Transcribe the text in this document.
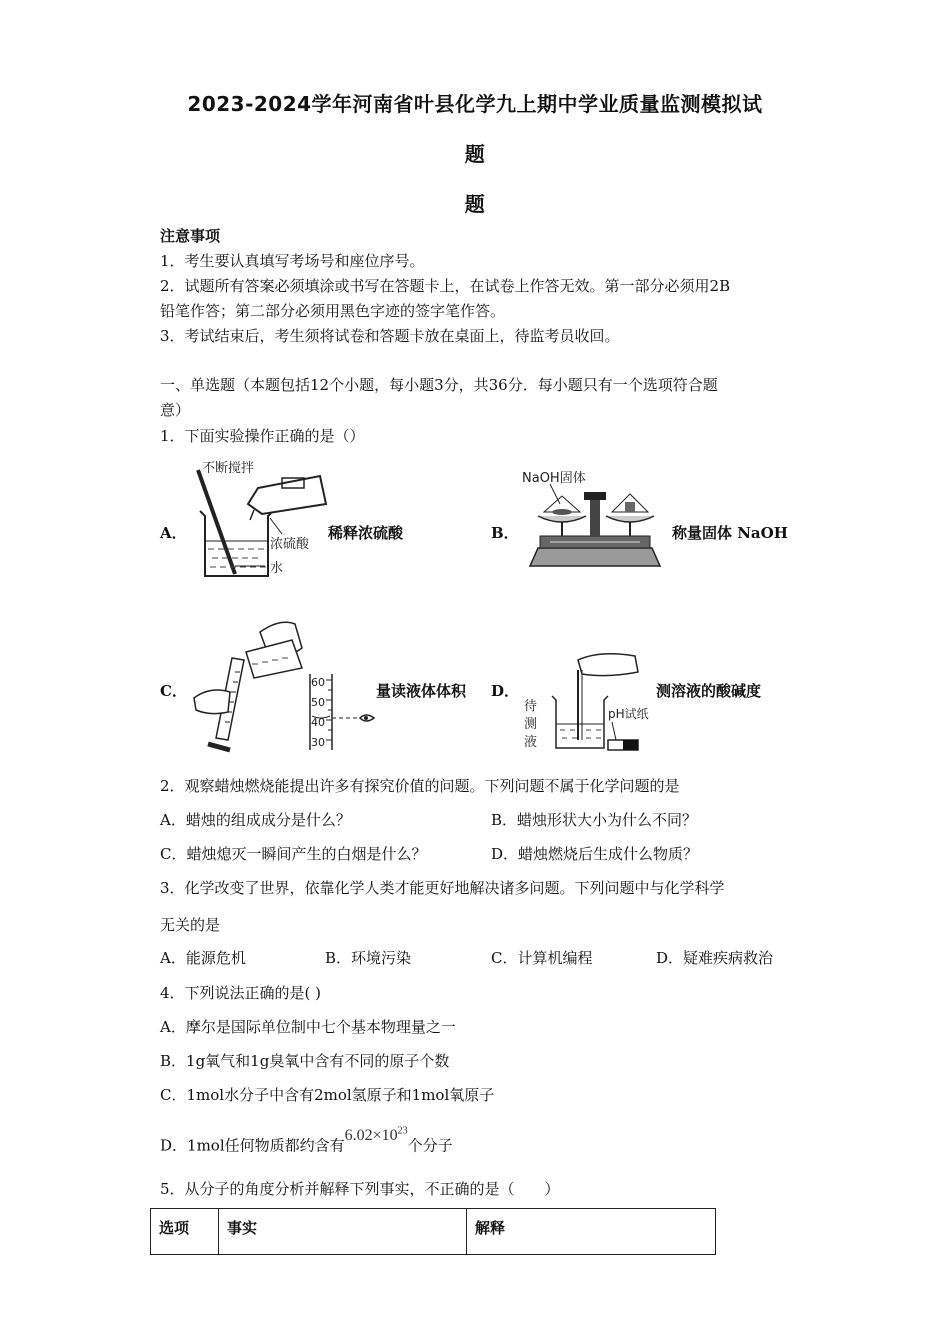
2023-2024学年河南省叶县化学九上期中学业质量监测模拟试
题
题
注意事项
1．考生要认真填写考场号和座位序号。
2．试题所有答案必须填涂或书写在答题卡上，在试卷上作答无效。第一部分必须用2B
铅笔作答；第二部分必须用黑色字迹的签字笔作答。
3．考试结束后，考生须将试卷和答题卡放在桌面上，待监考员收回。
一、单选题（本题包括12个小题，每小题3分，共36分．每小题只有一个选项符合题
意）
1．下面实验操作正确的是（）
A．
不断搅拌
浓硫酸
水
稀释浓硫酸	B．
NaOH固体
称量固体 NaOH
C．	60
50
40
30
量读液体体积 D．
待
测
液
pH试纸
测溶液的酸碱度
2．观察蜡烛燃烧能提出许多有探究价值的问题。下列问题不属于化学问题的是
A．蜡烛的组成成分是什么？	B．蜡烛形状大小为什么不同？
C．蜡烛熄灭一瞬间产生的白烟是什么？	D．蜡烛燃烧后生成什么物质？
3．化学改变了世界，依靠化学人类才能更好地解决诸多问题。下列问题中与化学科学
无关的是
A．能源危机	B．环境污染	C．计算机编程	D．疑难疾病救治
4．下列说法正确的是( )
A．摩尔是国际单位制中七个基本物理量之一
B．1g氧气和1g臭氧中含有不同的原子个数
C．1mol水分子中含有2mol氢原子和1mol氧原子
D．1mol任何物质都约含有$6.02\times 10^{23}$个分子
5．从分子的角度分析并解释下列事实，不正确的是（　　）
选项	事实	解释
